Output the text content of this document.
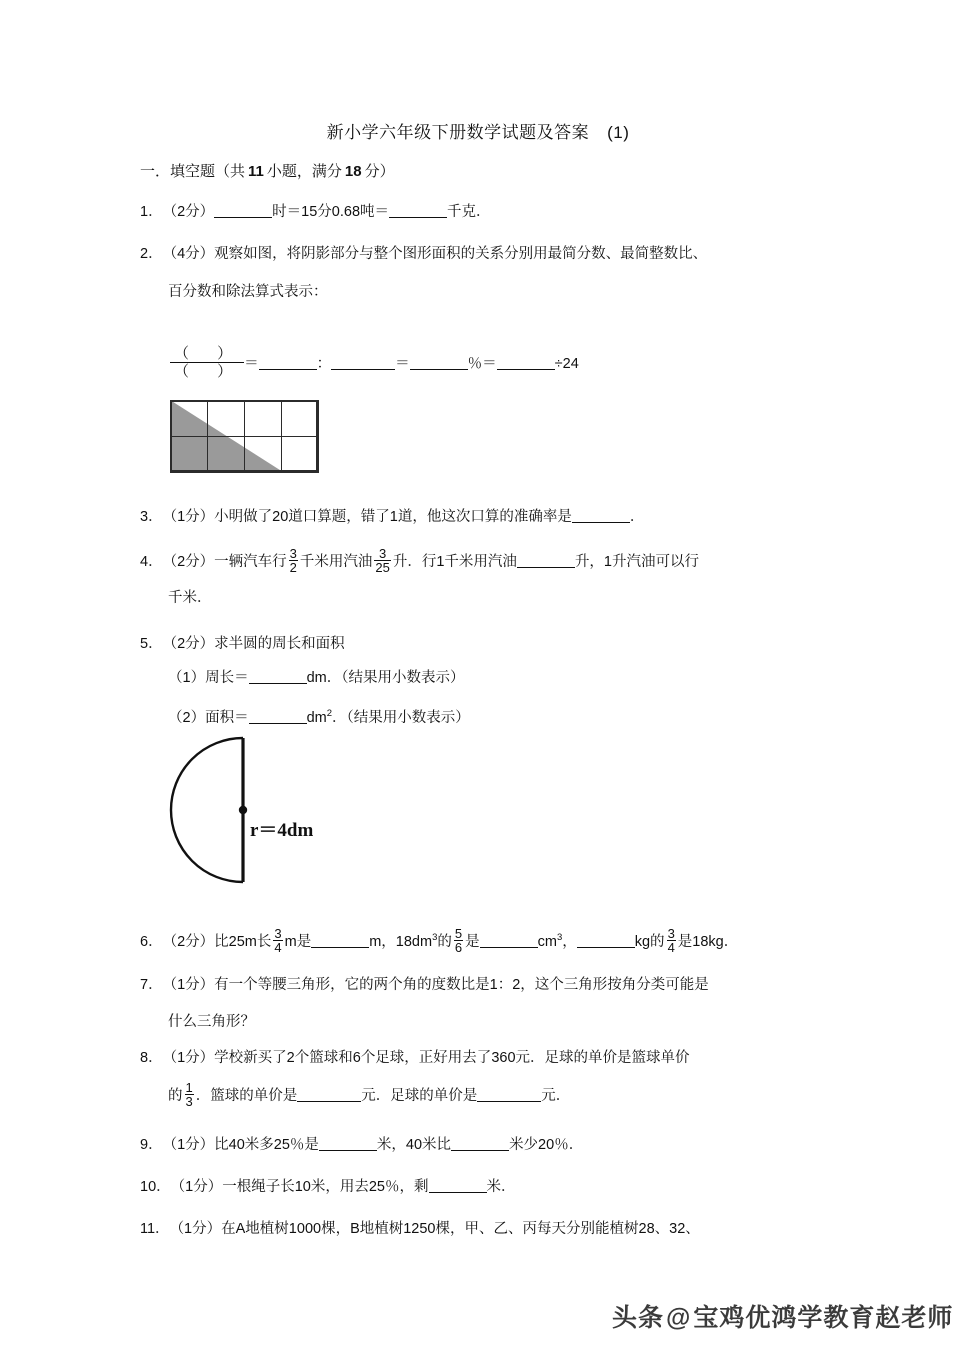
新小学六年级下册数学试题及答案 (1)
一．填空题（共 11 小题，满分 18 分）
1．（2分）	时＝15分0.68吨＝	千克．
2．（4分）观察如图，将阴影部分与整个图形面积的关系分别用最简分数、最简整数比、
百分数和除法算式表示：
（ ）
（ ） ＝	：	＝	％＝	÷24
3．（1分）小明做了20道口算题，错了1道，他这次口算的准确率是	．
4．（2分）一辆汽车行 $\frac{3}{2}$ 千米用汽油 $\frac{3}{25}$ 升．行1千米用汽油	升，1升汽油可以行
千米．
5．（2分）求半圆的周长和面积
（1）周长＝	dm．（结果用小数表示）
（2）面积＝	$dm^2$．（结果用小数表示）
r＝4dm
6．（2分）比25m长 $\frac{3}{4}$ m是	m，$18dm^3$的 $\frac{5}{6}$ 是	$cm^3$，	kg的 $\frac{3}{4}$ 是18kg．
7．（1分）有一个等腰三角形，它的两个角的度数比是1：2，这个三角形按角分类可能是
什么三角形？
8．（1分）学校新买了2个篮球和6个足球，正好用去了360元．足球的单价是篮球单价
的 $\frac{1}{3}$ ．篮球的单价是	元．足球的单价是	元．
9．（1分）比40米多25％是	米，40米比	米少20％．
10．（1分）一根绳子长10米，用去25％，剩	米．
11．（1分）在A地植树1000棵，B地植树1250棵，甲、乙、丙每天分别能植树28、32、
头条@宝鸡优鸿学教育赵老师
